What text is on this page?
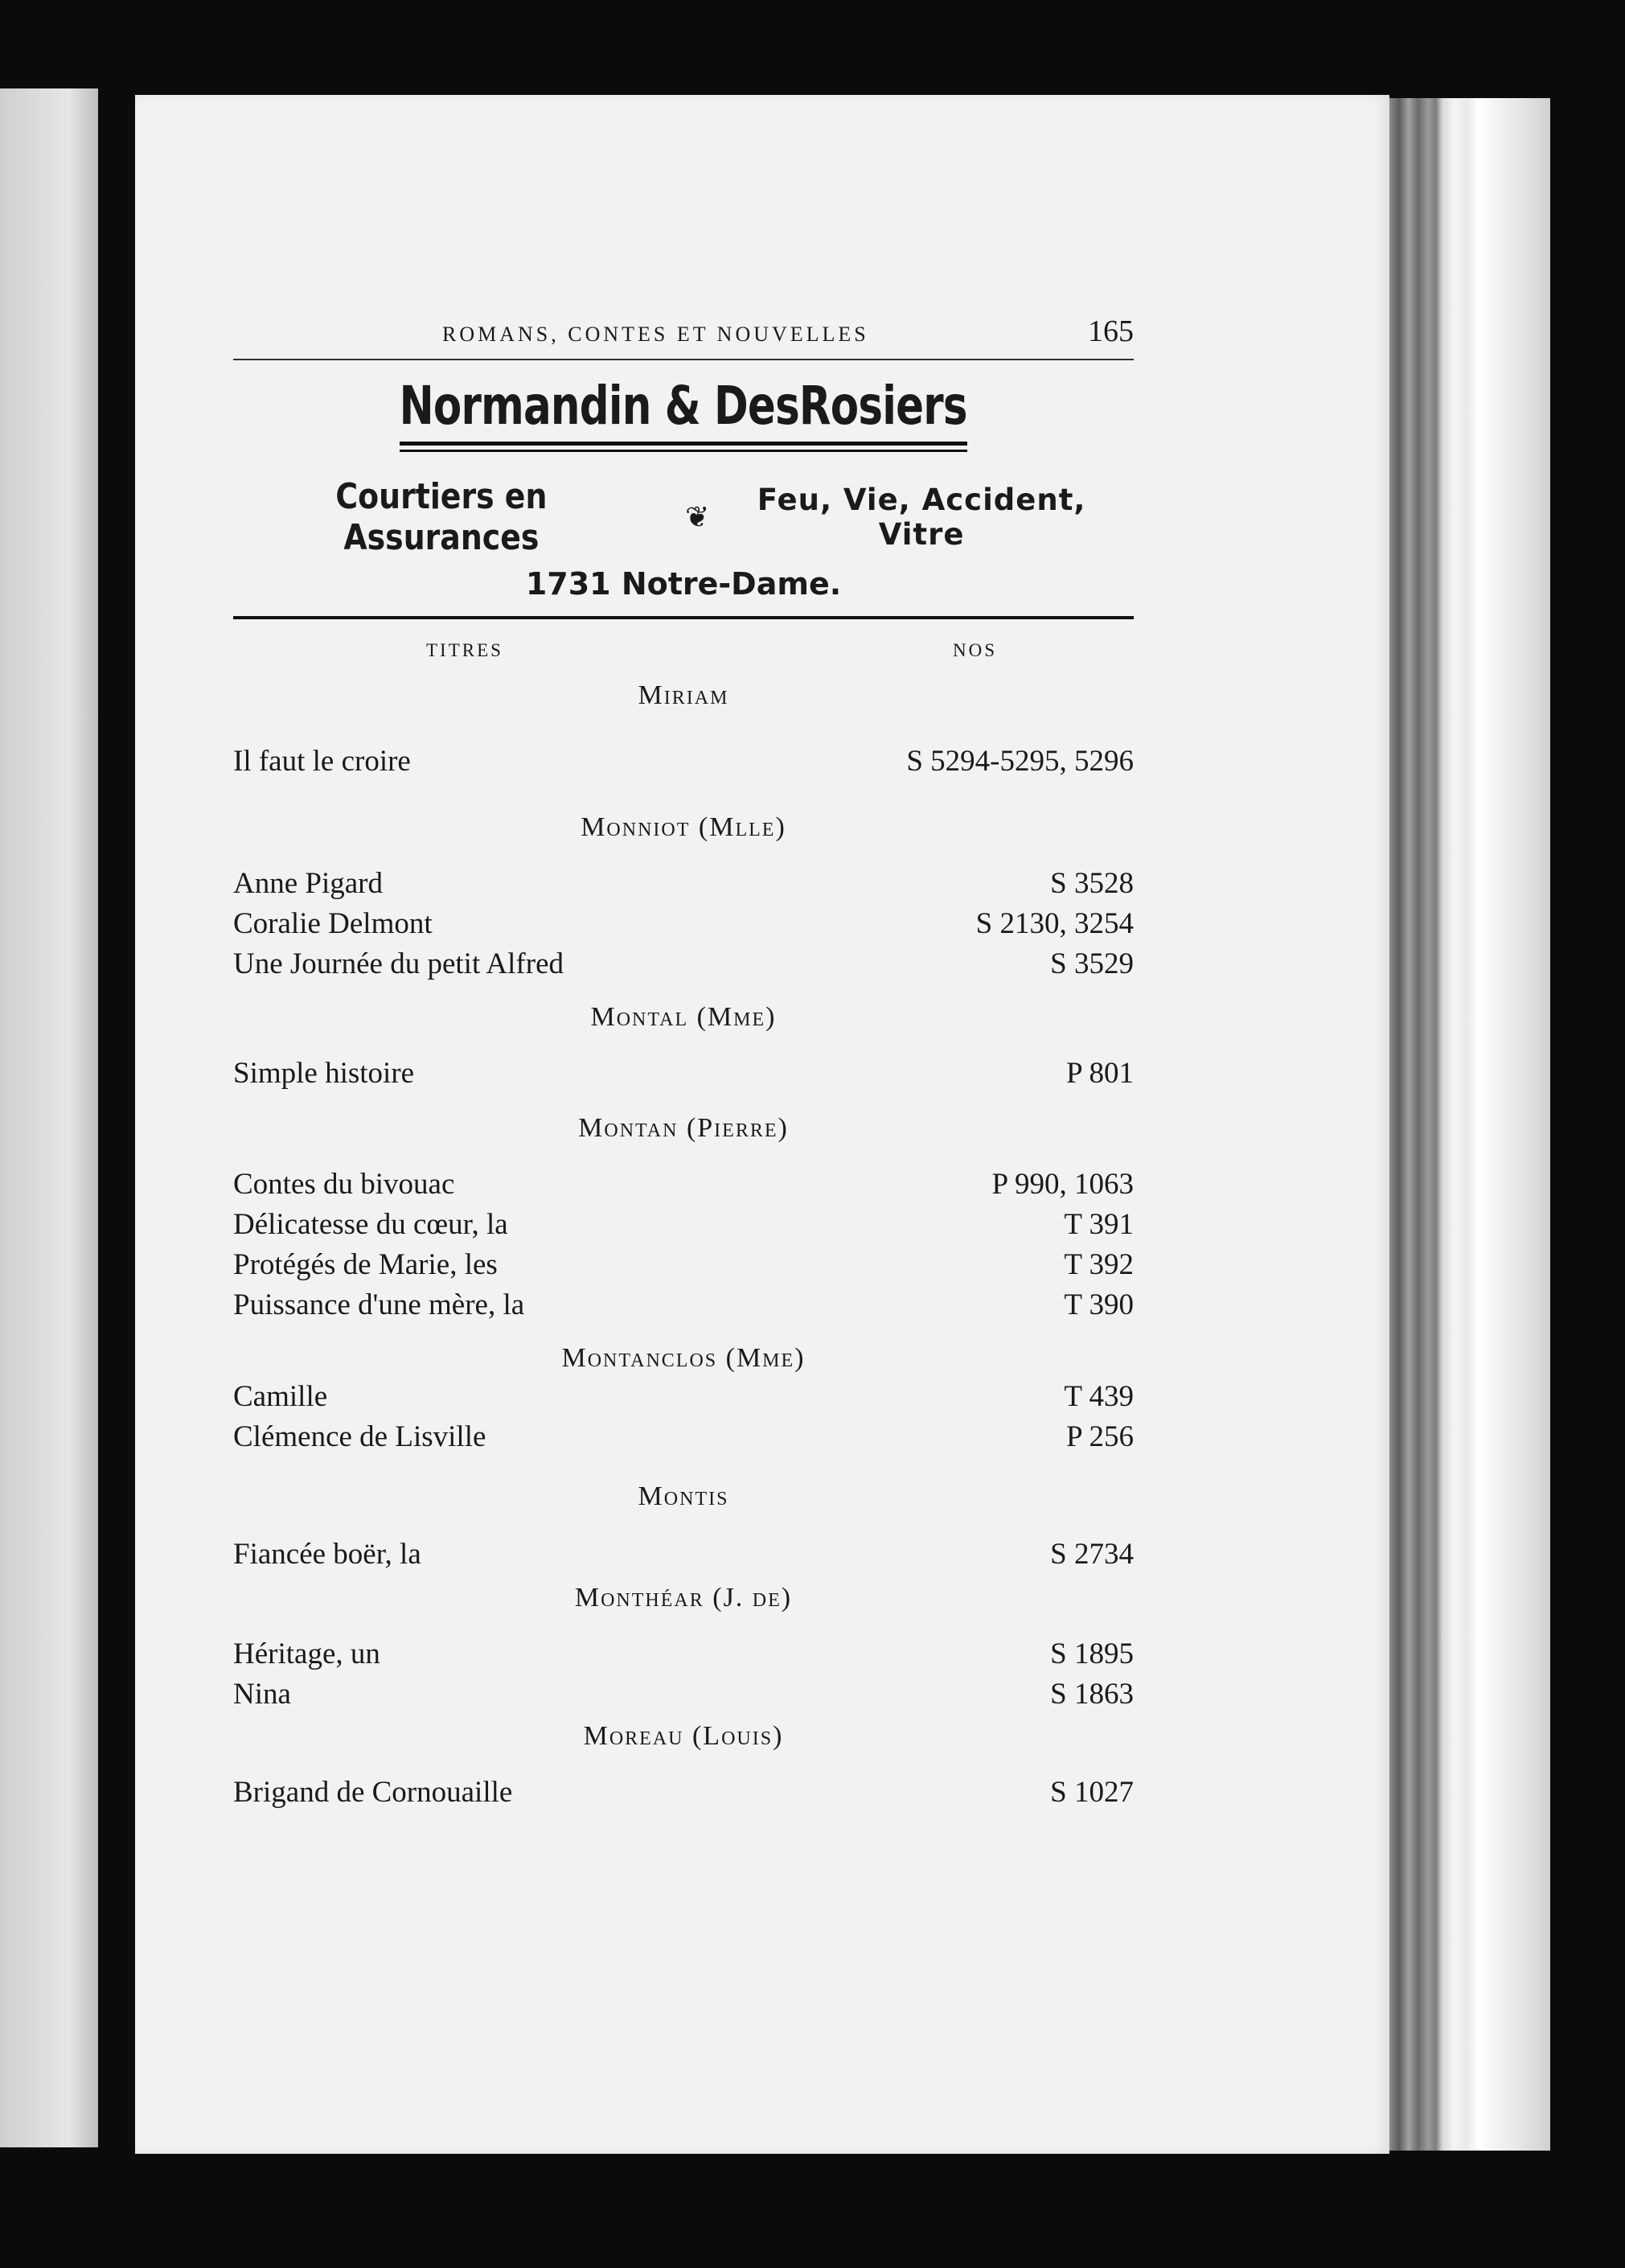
ROMANS, CONTES ET NOUVELLES	165
Normandin & DesRosiers
Courtiers en Assurances	❦	Feu, Vie, Accident, Vitre
1731 Notre-Dame.
TITRES	NOS
Miriam
Il faut le croire	S 5294-5295, 5296
Monniot (Mlle)
Anne Pigard	S 3528
Coralie Delmont	S 2130, 3254
Une Journée du petit Alfred	S 3529
Montal (Mme)
Simple histoire	P 801
Montan (Pierre)
Contes du bivouac	P 990, 1063
Délicatesse du cœur, la	T 391
Protégés de Marie, les	T 392
Puissance d'une mère, la	T 390
Montanclos (Mme)
Camille	T 439
Clémence de Lisville	P 256
Montis
Fiancée boër, la	S 2734
Monthéar (J. de)
Héritage, un	S 1895
Nina	S 1863
Moreau (Louis)
Brigand de Cornouaille	S 1027
